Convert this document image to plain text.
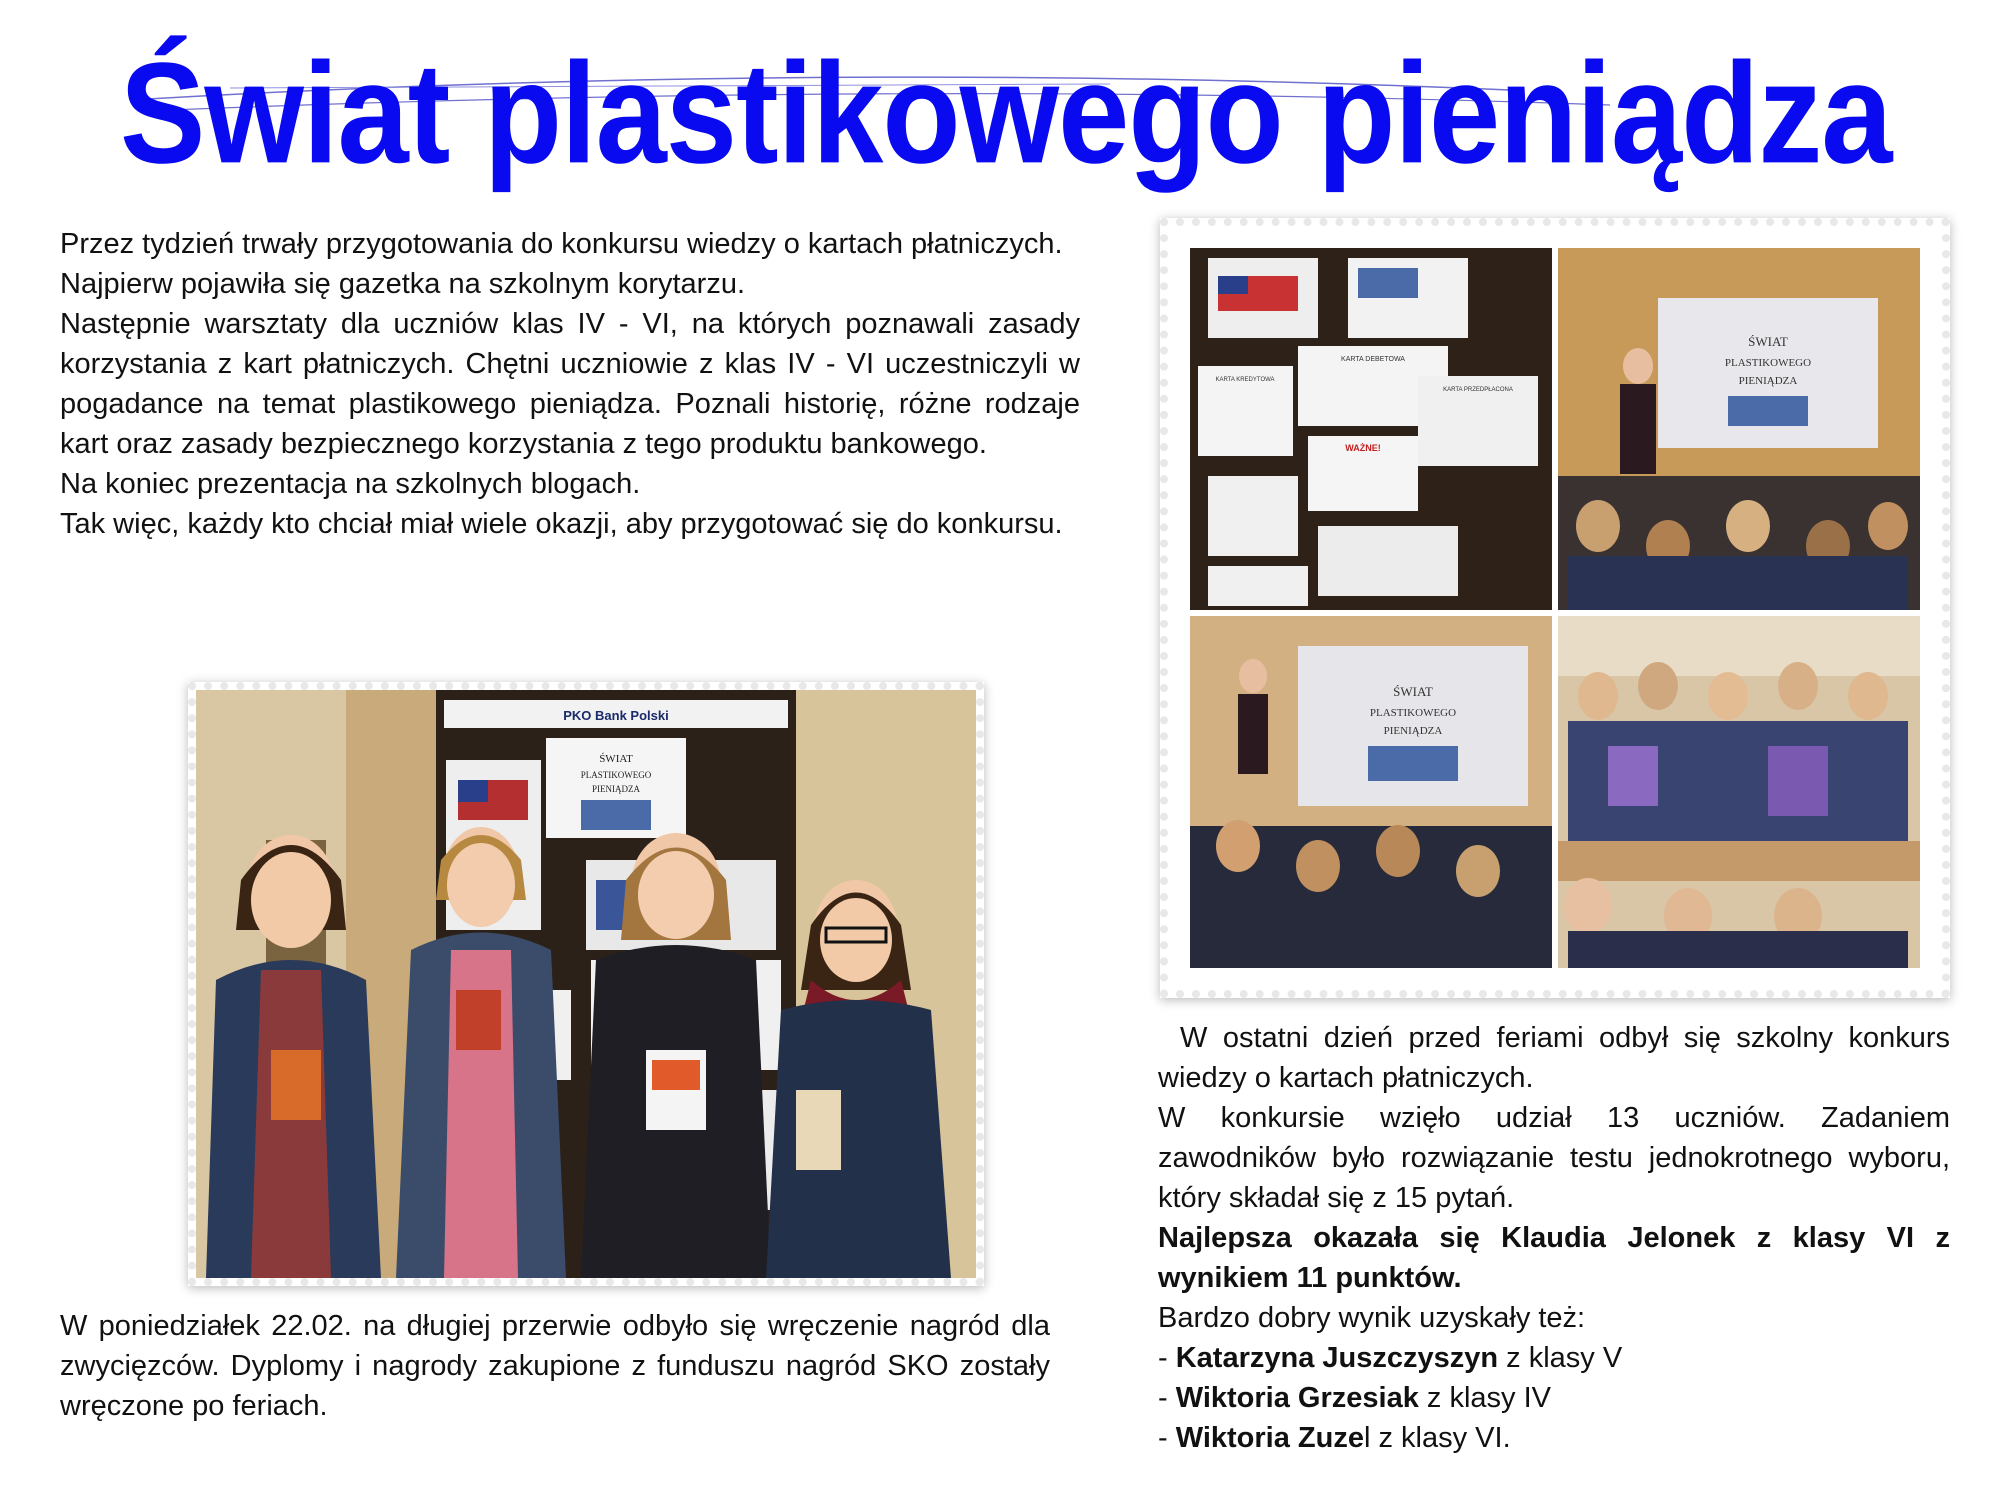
Świat plastikowego pieniądza

Przez tydzień trwały przygotowania do konkursu wiedzy o kartach płatniczych.

Najpierw pojawiła się gazetka na szkolnym korytarzu.

Następnie warsztaty dla uczniów klas IV - VI, na których poznawali zasady korzystania z kart płatniczych. Chętni uczniowie z klas IV - VI uczestniczyli w pogadance na temat plastikowego pieniądza. Poznali historię, różne rodzaje kart oraz zasady bezpiecznego korzystania z tego produktu bankowego.

Na koniec prezentacja na szkolnych blogach.

Tak więc, każdy kto chciał miał wiele okazji, aby przygotować się do konkursu.

PKO Bank Polski
ŚWIAT
PLASTIKOWEGO
PIENIĄDZA
KARTA DEBETOWA
KARTA KREDYTOWA
KARTA PRZEDPŁACONA
WAŻNE!
ŚWIAT
PLASTIKOWEGO
PIENIĄDZA
ŚWIAT
PLASTIKOWEGO
PIENIĄDZA

W poniedziałek 22.02. na długiej przerwie odbyło się wręczenie nagród dla zwycięzców. Dyplomy i nagrody zakupione z funduszu nagród SKO zostały wręczone po feriach.

W ostatni dzień przed feriami odbył się szkolny konkurs wiedzy o kartach płatniczych.

W konkursie wzięło udział 13 uczniów. Zadaniem zawodników było rozwiązanie testu jednokrotnego wyboru, który składał się z 15 pytań.

Najlepsza okazała się Klaudia Jelonek z klasy VI z wynikiem 11 punktów.

Bardzo dobry wynik uzyskały też:

- Katarzyna Juszczyszyn z klasy V

- Wiktoria Grzesiak z klasy IV

- Wiktoria Zuzel z klasy VI.
